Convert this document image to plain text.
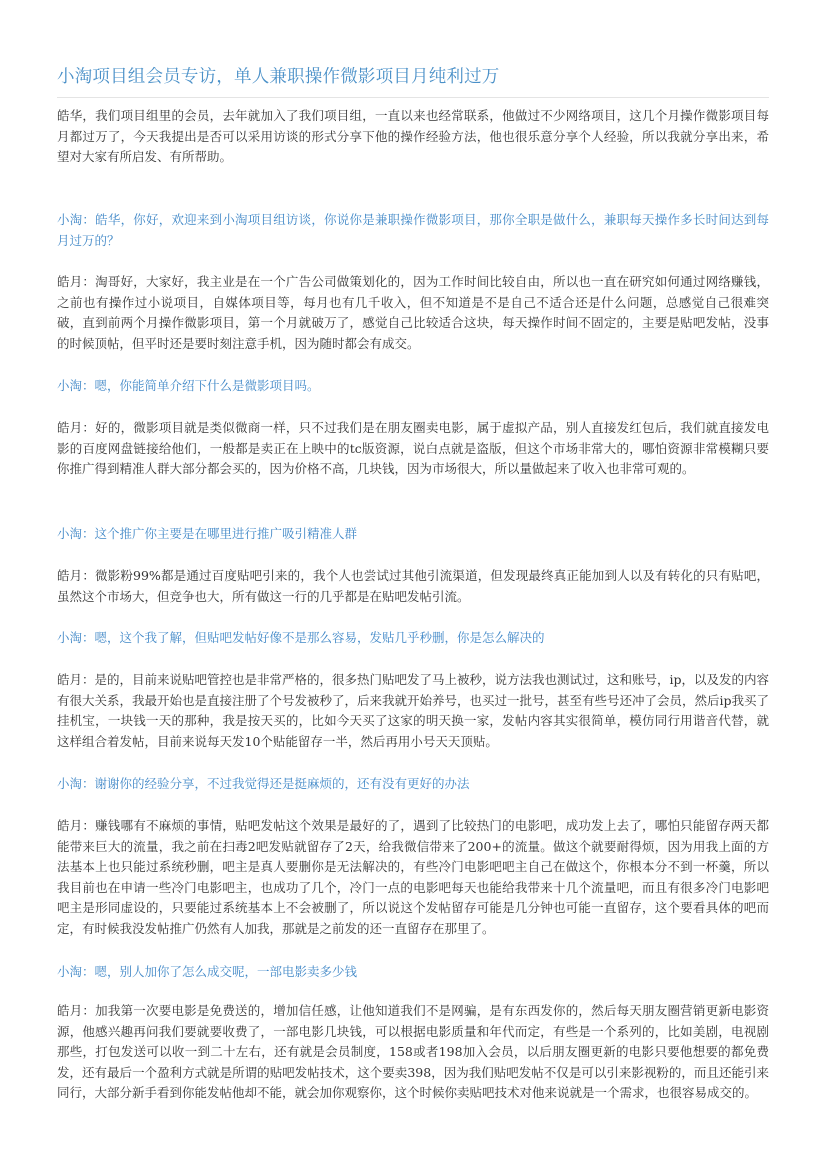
小淘项目组会员专访，单人兼职操作微影项目月纯利过万

皓华，我们项目组里的会员，去年就加入了我们项目组，一直以来也经常联系，他做过不少网络项目，这几个月操作微影项目每月都过万了，今天我提出是否可以采用访谈的形式分享下他的操作经验方法，他也很乐意分享个人经验，所以我就分享出来，希望对大家有所启发、有所帮助。

小淘：皓华，你好，欢迎来到小淘项目组访谈，你说你是兼职操作微影项目，那你全职是做什么，兼职每天操作多长时间达到每月过万的？

皓月：淘哥好，大家好，我主业是在一个广告公司做策划化的，因为工作时间比较自由，所以也一直在研究如何通过网络赚钱，之前也有操作过小说项目，自媒体项目等，每月也有几千收入，但不知道是不是自己不适合还是什么问题，总感觉自己很难突破，直到前两个月操作微影项目，第一个月就破万了，感觉自己比较适合这块，每天操作时间不固定的，主要是贴吧发帖，没事的时候顶帖，但平时还是要时刻注意手机，因为随时都会有成交。

小淘：嗯，你能简单介绍下什么是微影项目吗。

皓月：好的，微影项目就是类似微商一样，只不过我们是在朋友圈卖电影，属于虚拟产品，别人直接发红包后，我们就直接发电影的百度网盘链接给他们，一般都是卖正在上映中的tc版资源，说白点就是盗版，但这个市场非常大的，哪怕资源非常模糊只要你推广得到精准人群大部分都会买的，因为价格不高，几块钱，因为市场很大，所以量做起来了收入也非常可观的。

小淘：这个推广你主要是在哪里进行推广吸引精准人群

皓月：微影粉99%都是通过百度贴吧引来的，我个人也尝试过其他引流渠道，但发现最终真正能加到人以及有转化的只有贴吧，虽然这个市场大，但竞争也大，所有做这一行的几乎都是在贴吧发帖引流。

小淘：嗯，这个我了解，但贴吧发帖好像不是那么容易，发贴几乎秒删，你是怎么解决的

皓月：是的，目前来说贴吧管控也是非常严格的，很多热门贴吧发了马上被秒，说方法我也测试过，这和账号，ip，以及发的内容有很大关系，我最开始也是直接注册了个号发被秒了，后来我就开始养号，也买过一批号，甚至有些号还冲了会员，然后ip我买了挂机宝，一块钱一天的那种，我是按天买的，比如今天买了这家的明天换一家，发帖内容其实很简单，模仿同行用谐音代替，就这样组合着发帖，目前来说每天发10个贴能留存一半，然后再用小号天天顶贴。

小淘：谢谢你的经验分享，不过我觉得还是挺麻烦的，还有没有更好的办法

皓月：赚钱哪有不麻烦的事情，贴吧发帖这个效果是最好的了，遇到了比较热门的电影吧，成功发上去了，哪怕只能留存两天都能带来巨大的流量，我之前在扫毒2吧发贴就留存了2天，给我微信带来了200+的流量。做这个就要耐得烦，因为用我上面的方法基本上也只能过系统秒删，吧主是真人要删你是无法解决的，有些冷门电影吧吧主自己在做这个，你根本分不到一杯羹，所以我目前也在申请一些冷门电影吧主，也成功了几个，冷门一点的电影吧每天也能给我带来十几个流量吧，而且有很多冷门电影吧吧主是形同虚设的，只要能过系统基本上不会被删了，所以说这个发帖留存可能是几分钟也可能一直留存，这个要看具体的吧而定，有时候我没发帖推广仍然有人加我，那就是之前发的还一直留存在那里了。

小淘：嗯，别人加你了怎么成交呢，一部电影卖多少钱

皓月：加我第一次要电影是免费送的，增加信任感，让他知道我们不是网骗，是有东西发你的，然后每天朋友圈营销更新电影资源，他感兴趣再问我们要就要收费了，一部电影几块钱，可以根据电影质量和年代而定，有些是一个系列的，比如美剧，电视剧那些，打包发送可以收一到二十左右，还有就是会员制度，158或者198加入会员，以后朋友圈更新的电影只要他想要的都免费发，还有最后一个盈利方式就是所谓的贴吧发帖技术，这个要卖398，因为我们贴吧发帖不仅是可以引来影视粉的，而且还能引来同行，大部分新手看到你能发帖他却不能，就会加你观察你，这个时候你卖贴吧技术对他来说就是一个需求，也很容易成交的。
